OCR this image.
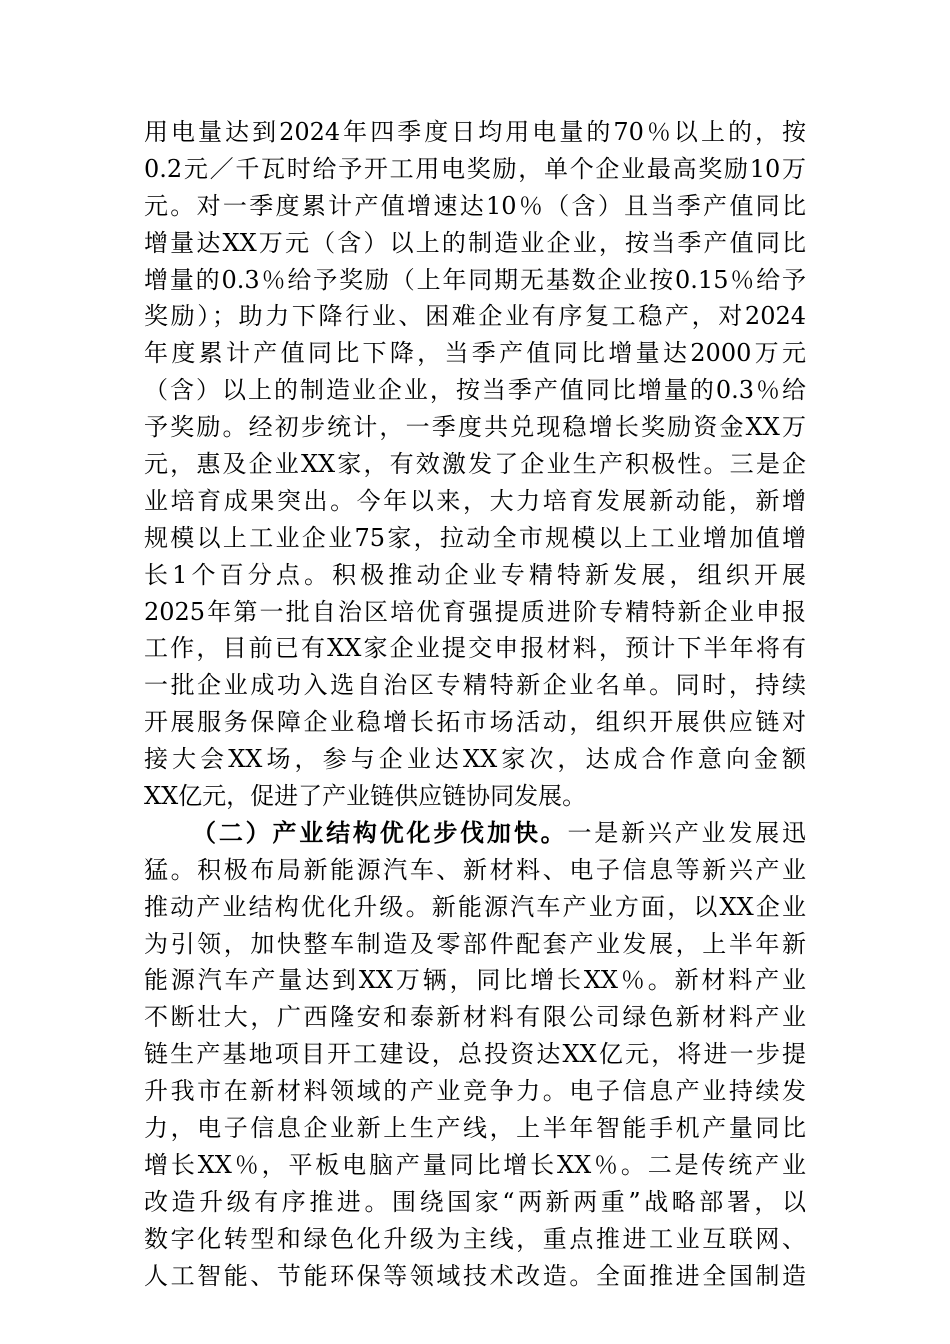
用电量达到2024年四季度日均用电量的70％以上的，按
0.2元／千瓦时给予开工用电奖励，单个企业最高奖励10万
元。对一季度累计产值增速达10％（含）且当季产值同比
增量达XX万元（含）以上的制造业企业，按当季产值同比
增量的0.3％给予奖励（上年同期无基数企业按0.15％给予
奖励）；助力下降行业、困难企业有序复工稳产，对2024
年度累计产值同比下降，当季产值同比增量达2000万元
（含）以上的制造业企业，按当季产值同比增量的0.3％给
予奖励。经初步统计，一季度共兑现稳增长奖励资金XX万
元，惠及企业XX家，有效激发了企业生产积极性。三是企
业培育成果突出。今年以来，大力培育发展新动能，新增
规模以上工业企业75家，拉动全市规模以上工业增加值增
长1个百分点。积极推动企业专精特新发展，组织开展
2025年第一批自治区培优育强提质进阶专精特新企业申报
工作，目前已有XX家企业提交申报材料，预计下半年将有
一批企业成功入选自治区专精特新企业名单。同时，持续
开展服务保障企业稳增长拓市场活动，组织开展供应链对
接大会XX场，参与企业达XX家次，达成合作意向金额
XX亿元，促进了产业链供应链协同发展。
（二）产业结构优化步伐加快。一是新兴产业发展迅
猛。积极布局新能源汽车、新材料、电子信息等新兴产业
推动产业结构优化升级。新能源汽车产业方面，以XX企业
为引领，加快整车制造及零部件配套产业发展，上半年新
能源汽车产量达到XX万辆，同比增长XX％。新材料产业
不断壮大，广西隆安和泰新材料有限公司绿色新材料产业
链生产基地项目开工建设，总投资达XX亿元，将进一步提
升我市在新材料领域的产业竞争力。电子信息产业持续发
力，电子信息企业新上生产线，上半年智能手机产量同比
增长XX％，平板电脑产量同比增长XX％。二是传统产业
改造升级有序推进。围绕国家“两新两重”战略部署，以
数字化转型和绿色化升级为主线，重点推进工业互联网、
人工智能、节能环保等领域技术改造。全面推进全国制造
